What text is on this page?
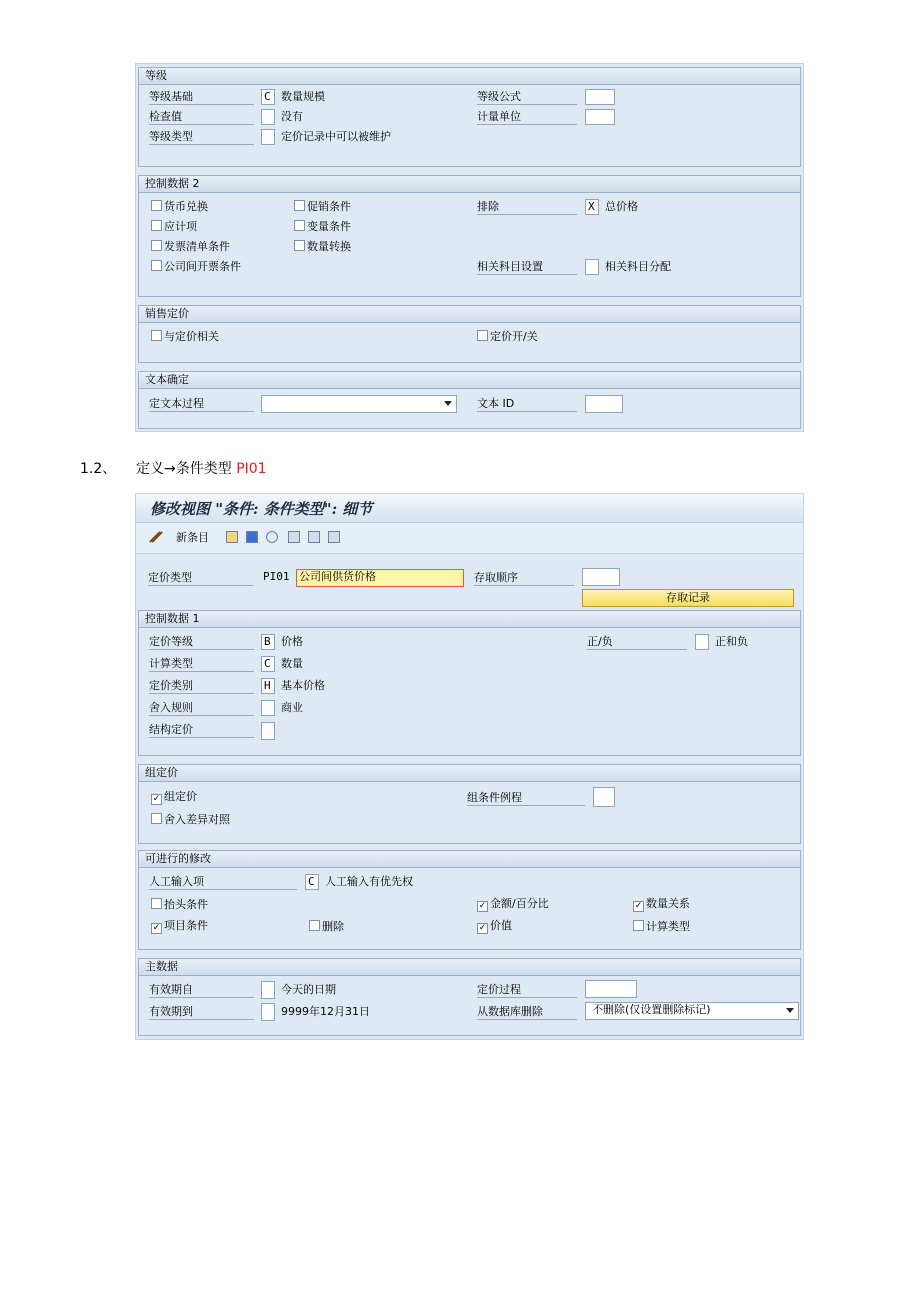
等级
等级基础	C 数量规模	等级公式
检查值	没有	计量单位
等级类型	定价记录中可以被维护
控制数据 2
货币兑换	促销条件	排除	X 总价格
应计项	变量条件
发票清单条件	数量转换
公司间开票条件	相关科目设置	相关科目分配
销售定价
与定价相关	定价开/关
文本确定
定文本过程	文本 ID
1.2、 定义→条件类型 PI01
修改视图 "条件: 条件类型": 细节
新条目
定价类型	PI01 公司间供货价格	存取顺序
存取记录
控制数据 1
定价等级	B 价格	正/负	正和负
计算类型	C 数量
定价类别	H 基本价格
舍入规则	商业
结构定价
组定价
✓ 组定价	组条件例程
舍入差异对照
可进行的修改
人工输入项	C 人工输入有优先权
抬头条件	✓ 金额/百分比	✓ 数量关系
✓ 项目条件	删除	✓ 价值	计算类型
主数据
有效期自	今天的日期	定价过程
有效期到	9999年12月31日	从数据库删除	不删除(仅设置删除标记)
